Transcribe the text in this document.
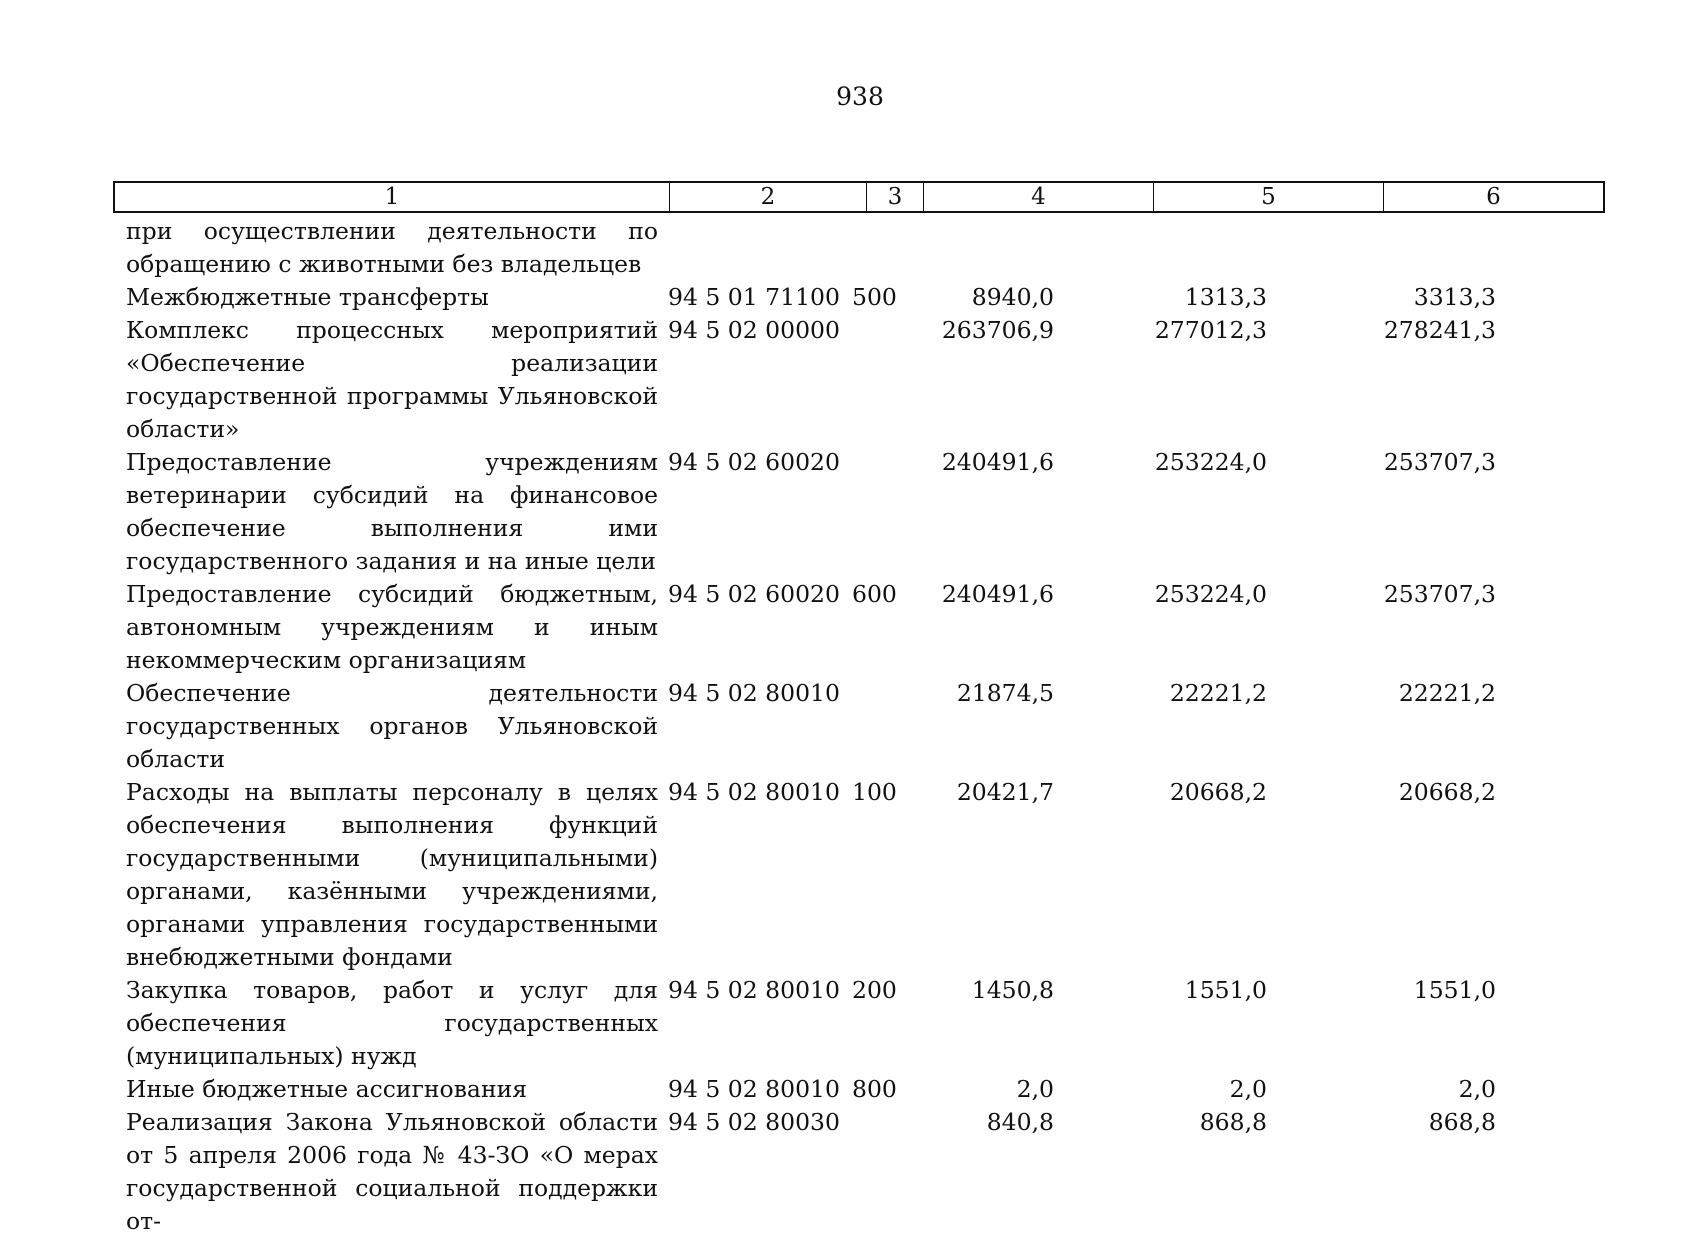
938
1	2	3	4	5	6
при осуществлении деятельности по обращению с животными без владельцев
Межбюджетные трансферты	94 5 01 71100 500	8940,0	1313,3	3313,3
Комплекс процессных мероприятий «Обеспечение реализации государственной программы Ульяновской области»
94 5 02 00000	263706,9	277012,3	278241,3
Предоставление учреждениям ветеринарии субсидий на финансовое обеспечение выполнения ими государственного задания и на иные цели
94 5 02 60020	240491,6	253224,0	253707,3
Предоставление субсидий бюджетным, автономным учреждениям и иным некоммерческим организациям
94 5 02 60020 600	240491,6	253224,0	253707,3
Обеспечение деятельности государственных органов Ульяновской области
94 5 02 80010	21874,5	22221,2	22221,2
Расходы на выплаты персоналу в целях обеспечения выполнения функций государственными (муниципальными) органами, казёнными учреждениями, органами управления государственными внебюджетными фондами
94 5 02 80010 100	20421,7	20668,2	20668,2
Закупка товаров, работ и услуг для обеспечения государственных (муниципальных) нужд
94 5 02 80010 200	1450,8	1551,0	1551,0
Иные бюджетные ассигнования	94 5 02 80010 800	2,0	2,0	2,0
Реализация Закона Ульяновской области от 5 апреля 2006 года № 43-ЗО «О мерах государственной социальной поддержки от-
94 5 02 80030	840,8	868,8	868,8
